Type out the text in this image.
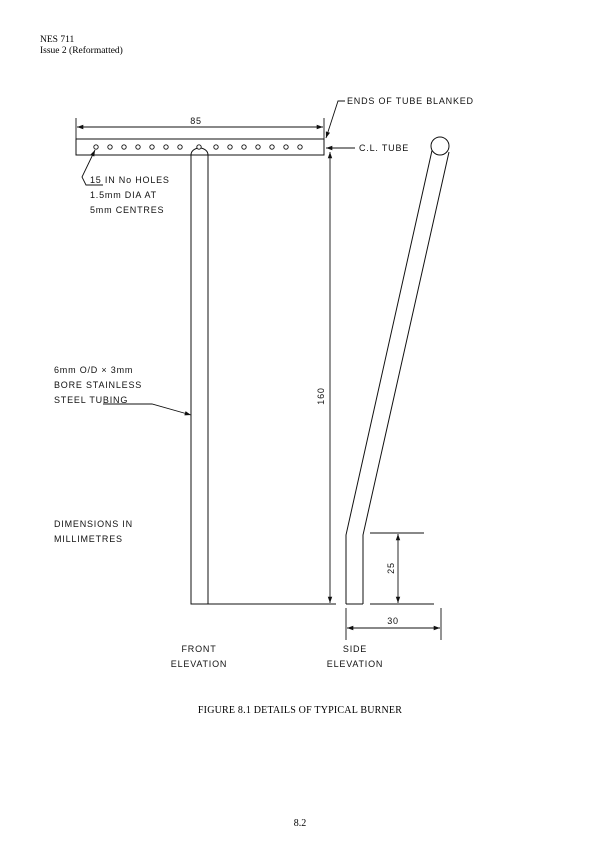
NES 711
Issue 2 (Reformatted)
85
ENDS OF TUBE BLANKED
C.L. TUBE
15 IN No HOLES
1.5mm DIA AT
5mm CENTRES
160
6mm O/D × 3mm
BORE STAINLESS
STEEL TUBING
DIMENSIONS IN
MILLIMETRES
25
30
FRONT
ELEVATION
SIDE
ELEVATION
FIGURE 8.1 DETAILS OF TYPICAL BURNER
8.2
